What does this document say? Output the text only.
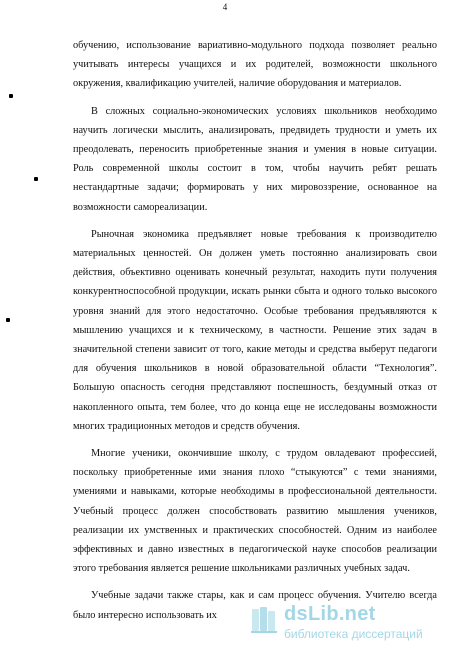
4

обучению, использование вариативно-модульного подхода позволяет реально учитывать интересы учащихся и их родителей, возможности школьного окружения, квалификацию учителей, наличие оборудования и материалов.

В сложных социально-экономических условиях школьников необходимо научить логически мыслить, анализировать, предвидеть трудности и уметь их преодолевать, переносить приобретенные знания и умения в новые ситуации. Роль современной школы состоит в том, чтобы научить ребят решать нестандартные задачи; формировать у них мировоззрение, основанное на возможности самореализации.

Рыночная экономика предъявляет новые требования к производителю материальных ценностей. Он должен уметь постоянно анализировать свои действия, объективно оценивать конечный результат, находить пути получения конкурентноспособной продукции, искать рынки сбыта и одного только высокого уровня знаний для этого недостаточно. Особые требования предъявляются к мышлению учащихся и к техническому, в частности. Решение этих задач в значительной степени зависит от того, какие методы и средства выберут педагоги для обучения школьников в новой образовательной области “Технология”. Большую опасность сегодня представляют поспешность, бездумный отказ от накопленного опыта, тем более, что до конца еще не исследованы возможности многих традиционных методов и средств обучения.

Многие ученики, окончившие школу, с трудом овладевают профессией, поскольку приобретенные ими знания плохо “стыкуются” с теми знаниями, умениями и навыками, которые необходимы в профессиональной деятельности. Учебный процесс должен способствовать развитию мышления учеников, реализации их умственных и практических способностей. Одним из наиболее эффективных и давно известных в педагогической науке способов реализации этого требования является решение школьниками различных учебных задач.

Учебные задачи также стары, как и сам процесс обучения. Учителю всегда было интересно использовать их	dsLib.net
библиотека диссертаций
